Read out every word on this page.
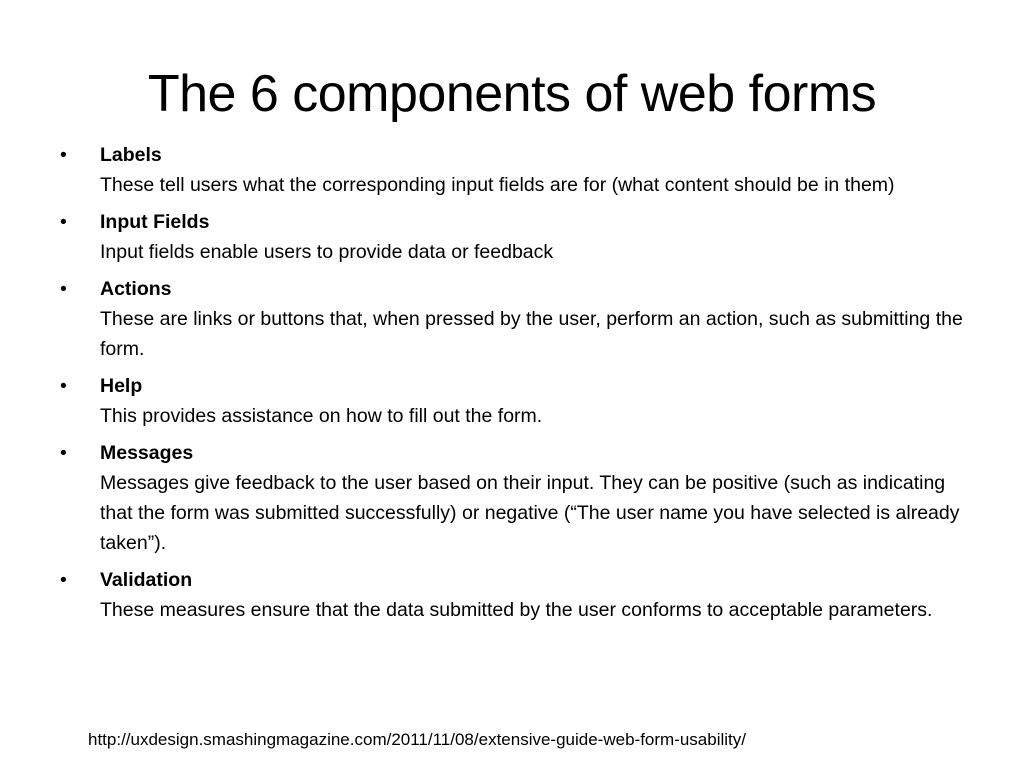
The 6 components of web forms
•	Labels
These tell users what the corresponding input fields are for (what content should be in them)
•	Input Fields
Input fields enable users to provide data or feedback
•	Actions
These are links or buttons that, when pressed by the user, perform an action, such as submitting the form.
•	Help
This provides assistance on how to fill out the form.
•	Messages
Messages give feedback to the user based on their input. They can be positive (such as indicating that the form was submitted successfully) or negative (“The user name you have selected is already taken”).
•	Validation
These measures ensure that the data submitted by the user conforms to acceptable parameters.
http://uxdesign.smashingmagazine.com/2011/11/08/extensive-guide-web-form-usability/
